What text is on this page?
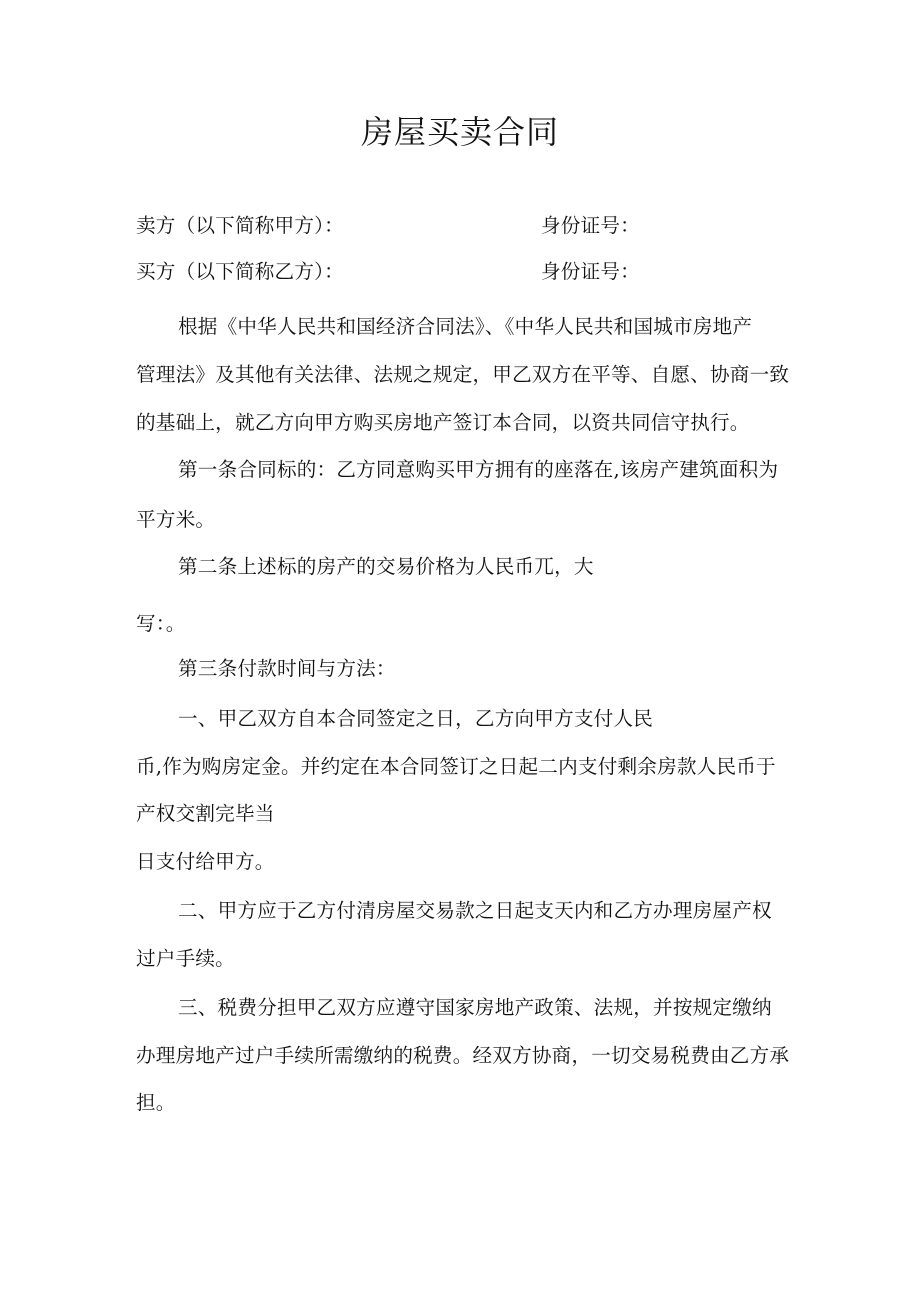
房屋买卖合同
卖方（以下简称甲方）：	身份证号：
买方（以下简称乙方）：	身份证号：
根据《中华人民共和国经济合同法》、《中华人民共和国城市房地产
管理法》及其他有关法律、法规之规定，甲乙双方在平等、自愿、协商一致
的基础上，就乙方向甲方购买房地产签订本合同，以资共同信守执行。
第一条合同标的：乙方同意购买甲方拥有的座落在,该房产建筑面积为
平方米。
第二条上述标的房产的交易价格为人民币兀，大
写：。
第三条付款时间与方法：
一、甲乙双方自本合同签定之日，乙方向甲方支付人民
币,作为购房定金。并约定在本合同签订之日起二内支付剩余房款人民币于
产权交割完毕当
日支付给甲方。
二、甲方应于乙方付清房屋交易款之日起支天内和乙方办理房屋产权
过户手续。
三、税费分担甲乙双方应遵守国家房地产政策、法规，并按规定缴纳
办理房地产过户手续所需缴纳的税费。经双方协商，一切交易税费由乙方承
担。
